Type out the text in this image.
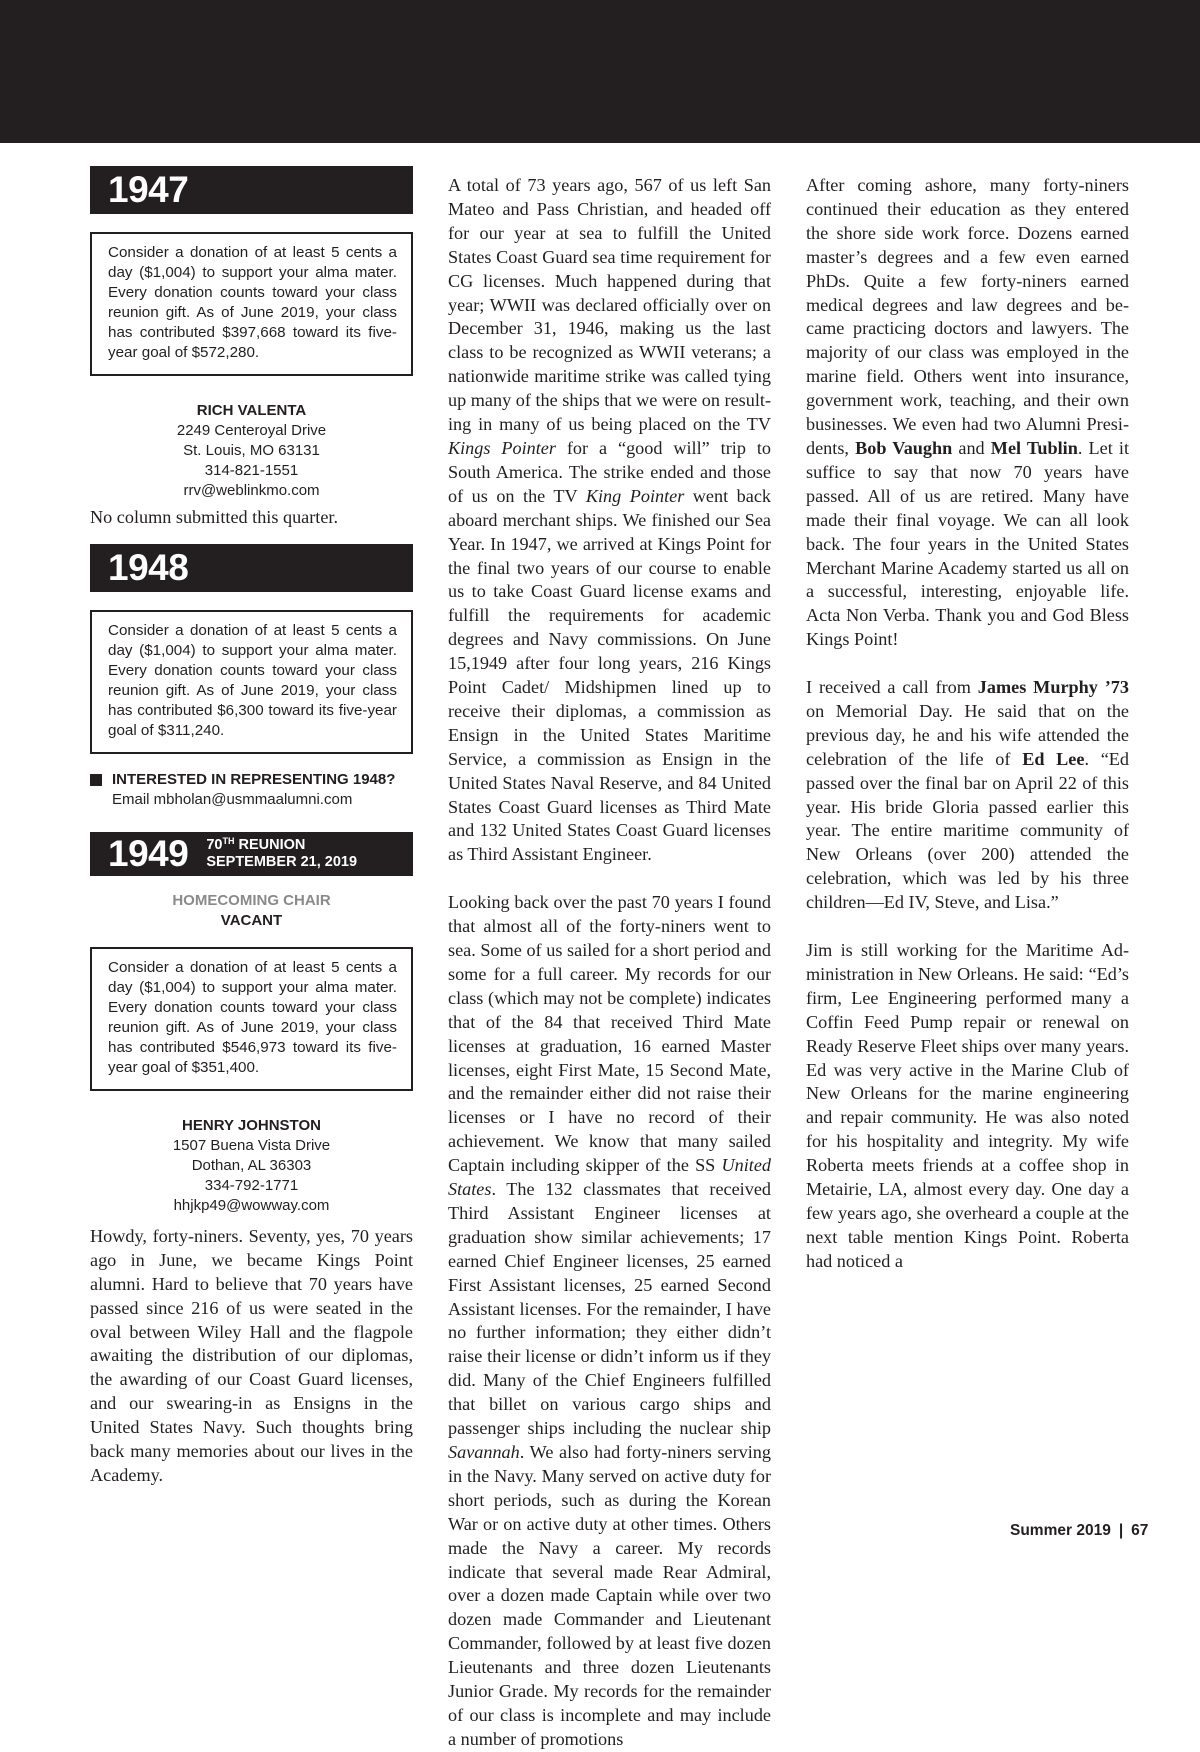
1947
Consider a donation of at least 5 cents a day ($1,004) to support your alma mater. Every donation counts toward your class reunion gift. As of June 2019, your class has contributed $397,668 toward its five-year goal of $572,280.
RICH VALENTA
2249 Centeroyal Drive
St. Louis, MO 63131
314-821-1551
rrv@weblinkmo.com
No column submitted this quarter.
1948
Consider a donation of at least 5 cents a day ($1,004) to support your alma mater. Every donation counts toward your class reunion gift. As of June 2019, your class has contributed $6,300 toward its five-year goal of $311,240.
INTERESTED IN REPRESENTING 1948?
Email mbholan@usmmaalumni.com
1949 70TH REUNION
SEPTEMBER 21, 2019
HOMECOMING CHAIR
VACANT
Consider a donation of at least 5 cents a day ($1,004) to support your alma mater. Every donation counts toward your class reunion gift. As of June 2019, your class has contributed $546,973 toward its five-year goal of $351,400.
HENRY JOHNSTON
1507 Buena Vista Drive
Dothan, AL 36303
334-792-1771
hhjkp49@wowway.com

Howdy, forty-niners. Seventy, yes, 70 years ago in June, we became Kings Point alumni. Hard to believe that 70 years have passed since 216 of us were seated in the oval between Wiley Hall and the flagpole awaiting the distribution of our diplomas, the awarding of our Coast Guard licenses, and our swearing-in as Ensigns in the United States Navy. Such thoughts bring back many memories about our lives in the Academy.

A total of 73 years ago, 567 of us left San Mateo and Pass Christian, and headed off for our year at sea to fulfill the United States Coast Guard sea time requirement for CG licenses. Much happened during that year; WWII was declared officially over on December 31, 1946, making us the last class to be recognized as WWII veterans; a nationwide maritime strike was called tying up many of the ships that we were on resulting in many of us being placed on the TV Kings Pointer for a “good will” trip to South America. The strike ended and those of us on the TV King Pointer went back aboard merchant ships. We finished our Sea Year. In 1947, we arrived at Kings Point for the final two years of our course to enable us to take Coast Guard license exams and fulfill the requirements for academic degrees and Navy commissions. On June 15,1949 after four long years, 216 Kings Point Cadet/ Midshipmen lined up to receive their diplomas, a commission as Ensign in the United States Maritime Service, a commission as Ensign in the United States Naval Reserve, and 84 United States Coast Guard licenses as Third Mate and 132 United States Coast Guard licenses as Third Assistant Engineer.

Looking back over the past 70 years I found that almost all of the forty-niners went to sea. Some of us sailed for a short period and some for a full career. My records for our class (which may not be complete) indicates that of the 84 that received Third Mate licenses at graduation, 16 earned Master licenses, eight First Mate, 15 Second Mate, and the remainder either did not raise their licenses or I have no record of their achievement. We know that many sailed Captain including skipper of the SS United States. The 132 classmates that received Third Assistant Engineer licenses at graduation show similar achievements; 17 earned Chief Engineer licenses, 25 earned First Assistant licenses, 25 earned Second Assistant licenses. For the remainder, I have no further information; they either didn’t raise their license or didn’t inform us if they did. Many of the Chief Engineers fulfilled that billet on various cargo ships and passenger ships including the nuclear ship Savannah. We also had forty-niners serving in the Navy. Many served on active duty for short periods, such as during the Korean War or on active duty at other times. Others made the Navy a career. My records indicate that several made Rear Admiral, over a dozen made Captain while over two dozen made Commander and Lieutenant Commander, followed by at least five dozen Lieutenants and three dozen Lieutenants Junior Grade. My records for the remainder of our class is incomplete and may include a number of promotions

After coming ashore, many forty-niners continued their education as they entered the shore side work force. Dozens earned master’s degrees and a few even earned PhDs. Quite a few forty-niners earned medical degrees and law degrees and became practicing doctors and lawyers. The majority of our class was employed in the marine field. Others went into insurance, government work, teaching, and their own businesses. We even had two Alumni Presidents, Bob Vaughn and Mel Tublin. Let it suffice to say that now 70 years have passed. All of us are retired. Many have made their final voyage. We can all look back. The four years in the United States Merchant Marine Academy started us all on a successful, interesting, enjoyable life. Acta Non Verba. Thank you and God Bless Kings Point!

I received a call from James Murphy ’73 on Memorial Day. He said that on the previous day, he and his wife attended the celebration of the life of Ed Lee. “Ed passed over the final bar on April 22 of this year. His bride Gloria passed earlier this year. The entire maritime community of New Orleans (over 200) attended the celebration, which was led by his three children—Ed IV, Steve, and Lisa.”

Jim is still working for the Maritime Administration in New Orleans. He said: “Ed’s firm, Lee Engineering performed many a Coffin Feed Pump repair or renewal on Ready Reserve Fleet ships over many years. Ed was very active in the Marine Club of New Orleans for the marine engineering and repair community. He was also noted for his hospitality and integrity. My wife Roberta meets friends at a coffee shop in Metairie, LA, almost every day. One day a few years ago, she overheard a couple at the next table mention Kings Point. Roberta had noticed a

Summer 2019 | 67
